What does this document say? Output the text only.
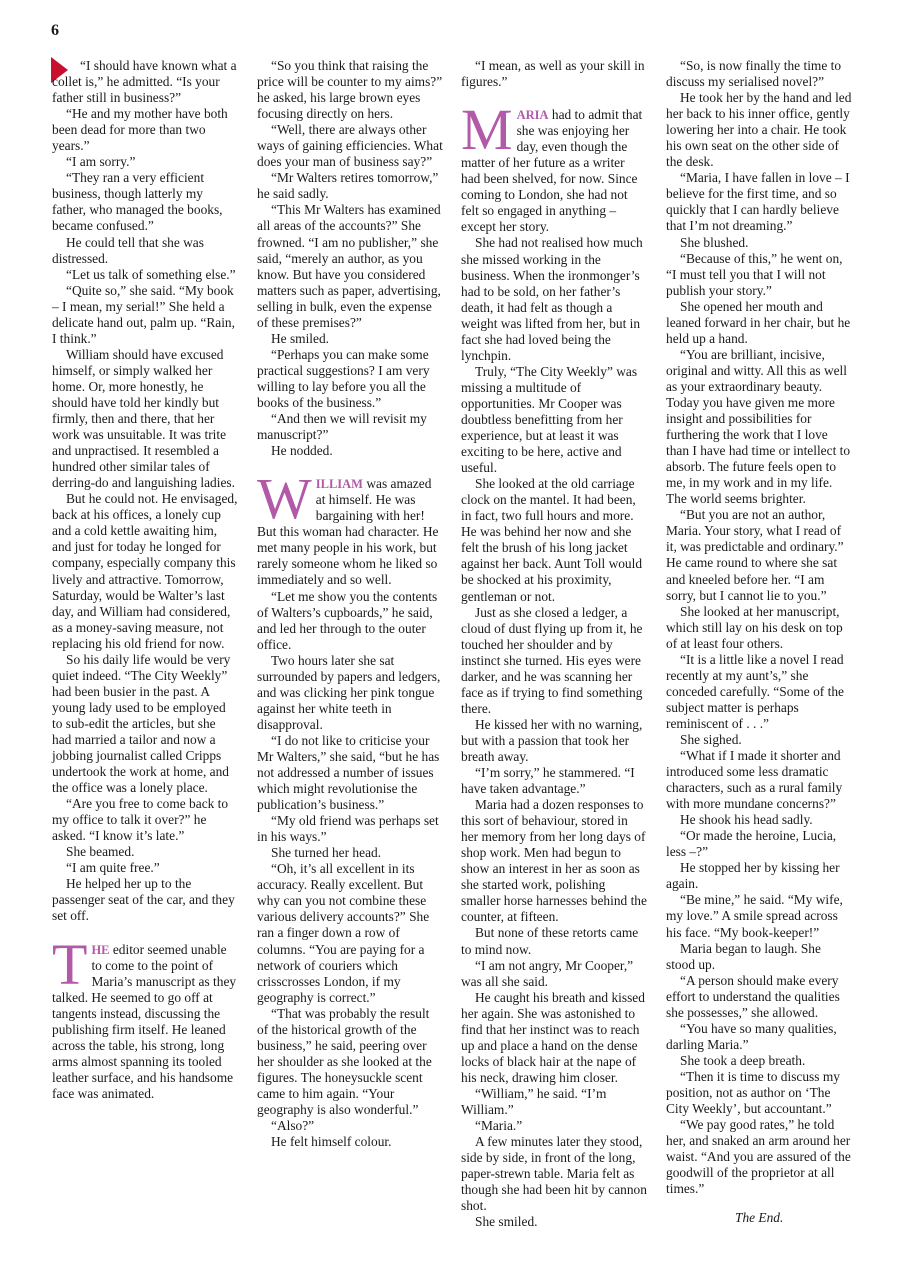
6

“I should have known what a collet is,” he admitted. “Is your father still in business?”

“He and my mother have both been dead for more than two years.”

“I am sorry.”

“They ran a very efficient business, though latterly my father, who managed the books, became confused.”

He could tell that she was distressed.

“Let us talk of something else.”

“Quite so,” she said. “My book – I mean, my serial!” She held a delicate hand out, palm up. “Rain, I think.”

William should have excused himself, or simply walked her home. Or, more honestly, he should have told her kindly but firmly, then and there, that her work was unsuitable. It was trite and unpractised. It resembled a hundred other similar tales of derring-do and languishing ladies.

But he could not. He envisaged, back at his offices, a lonely cup and a cold kettle awaiting him, and just for today he longed for company, especially company this lively and attractive. Tomorrow, Saturday, would be Walter’s last day, and William had considered, as a money-saving measure, not replacing his old friend for now.

So his daily life would be very quiet indeed. “The City Weekly” had been busier in the past. A young lady used to be employed to sub-edit the articles, but she had married a tailor and now a jobbing journalist called Cripps undertook the work at home, and the office was a lonely place.

“Are you free to come back to my office to talk it over?” he asked. “I know it’s late.”

She beamed.

“I am quite free.”

He helped her up to the passenger seat of the car, and they set off.

THE editor seemed unable to come to the point of Maria’s manuscript as they talked. He seemed to go off at tangents instead, discussing the publishing firm itself. He leaned across the table, his strong, long arms almost spanning its tooled leather surface, and his handsome face was animated.

“So you think that raising the price will be counter to my aims?” he asked, his large brown eyes focusing directly on hers.

“Well, there are always other ways of gaining efficiencies. What does your man of business say?”

“Mr Walters retires tomorrow,” he said sadly.

“This Mr Walters has examined all areas of the accounts?” She frowned. “I am no publisher,” she said, “merely an author, as you know. But have you considered matters such as paper, advertising, selling in bulk, even the expense of these premises?”

He smiled.

“Perhaps you can make some practical suggestions? I am very willing to lay before you all the books of the business.”

“And then we will revisit my manuscript?”

He nodded.

WILLIAM was amazed at himself. He was bargaining with her! But this woman had character. He met many people in his work, but rarely someone whom he liked so immediately and so well.

“Let me show you the contents of Walters’s cupboards,” he said, and led her through to the outer office.

Two hours later she sat surrounded by papers and ledgers, and was clicking her pink tongue against her white teeth in disapproval.

“I do not like to criticise your Mr Walters,” she said, “but he has not addressed a number of issues which might revolutionise the publication’s business.”

“My old friend was perhaps set in his ways.”

She turned her head.

“Oh, it’s all excellent in its accuracy. Really excellent. But why can you not combine these various delivery accounts?” She ran a finger down a row of columns. “You are paying for a network of couriers which crisscrosses London, if my geography is correct.”

“That was probably the result of the historical growth of the business,” he said, peering over her shoulder as she looked at the figures. The honeysuckle scent came to him again. “Your geography is also wonderful.”

“Also?”

He felt himself colour.

“I mean, as well as your skill in figures.”

MARIA had to admit that she was enjoying her day, even though the matter of her future as a writer had been shelved, for now. Since coming to London, she had not felt so engaged in anything – except her story.

She had not realised how much she missed working in the business. When the ironmonger’s had to be sold, on her father’s death, it had felt as though a weight was lifted from her, but in fact she had loved being the lynchpin.

Truly, “The City Weekly” was missing a multitude of opportunities. Mr Cooper was doubtless benefitting from her experience, but at least it was exciting to be here, active and useful.

She looked at the old carriage clock on the mantel. It had been, in fact, two full hours and more. He was behind her now and she felt the brush of his long jacket against her back. Aunt Toll would be shocked at his proximity, gentleman or not.

Just as she closed a ledger, a cloud of dust flying up from it, he touched her shoulder and by instinct she turned. His eyes were darker, and he was scanning her face as if trying to find something there.

He kissed her with no warning, but with a passion that took her breath away.

“I’m sorry,” he stammered. “I have taken advantage.”

Maria had a dozen responses to this sort of behaviour, stored in her memory from her long days of shop work. Men had begun to show an interest in her as soon as she started work, polishing smaller horse harnesses behind the counter, at fifteen.

But none of these retorts came to mind now.

“I am not angry, Mr Cooper,” was all she said.

He caught his breath and kissed her again. She was astonished to find that her instinct was to reach up and place a hand on the dense locks of black hair at the nape of his neck, drawing him closer.

“William,” he said. “I’m William.”

“Maria.”

A few minutes later they stood, side by side, in front of the long, paper-strewn table. Maria felt as though she had been hit by cannon shot.

She smiled.

“So, is now finally the time to discuss my serialised novel?”

He took her by the hand and led her back to his inner office, gently lowering her into a chair. He took his own seat on the other side of the desk.

“Maria, I have fallen in love – I believe for the first time, and so quickly that I can hardly believe that I’m not dreaming.”

She blushed.

“Because of this,” he went on, “I must tell you that I will not publish your story.”

She opened her mouth and leaned forward in her chair, but he held up a hand.

“You are brilliant, incisive, original and witty. All this as well as your extraordinary beauty. Today you have given me more insight and possibilities for furthering the work that I love than I have had time or intellect to absorb. The future feels open to me, in my work and in my life. The world seems brighter.

“But you are not an author, Maria. Your story, what I read of it, was predictable and ordinary.” He came round to where she sat and kneeled before her. “I am sorry, but I cannot lie to you.”

She looked at her manuscript, which still lay on his desk on top of at least four others.

“It is a little like a novel I read recently at my aunt’s,” she conceded carefully. “Some of the subject matter is perhaps reminiscent of . . .”

She sighed.

“What if I made it shorter and introduced some less dramatic characters, such as a rural family with more mundane concerns?”

He shook his head sadly.

“Or made the heroine, Lucia, less –?”

He stopped her by kissing her again.

“Be mine,” he said. “My wife, my love.” A smile spread across his face. “My book-keeper!”

Maria began to laugh. She stood up.

“A person should make every effort to understand the qualities she possesses,” she allowed.

“You have so many qualities, darling Maria.”

She took a deep breath.

“Then it is time to discuss my position, not as author on ‘The City Weekly’, but accountant.”

“We pay good rates,” he told her, and snaked an arm around her waist. “And you are assured of the goodwill of the proprietor at all times.”

The End.
